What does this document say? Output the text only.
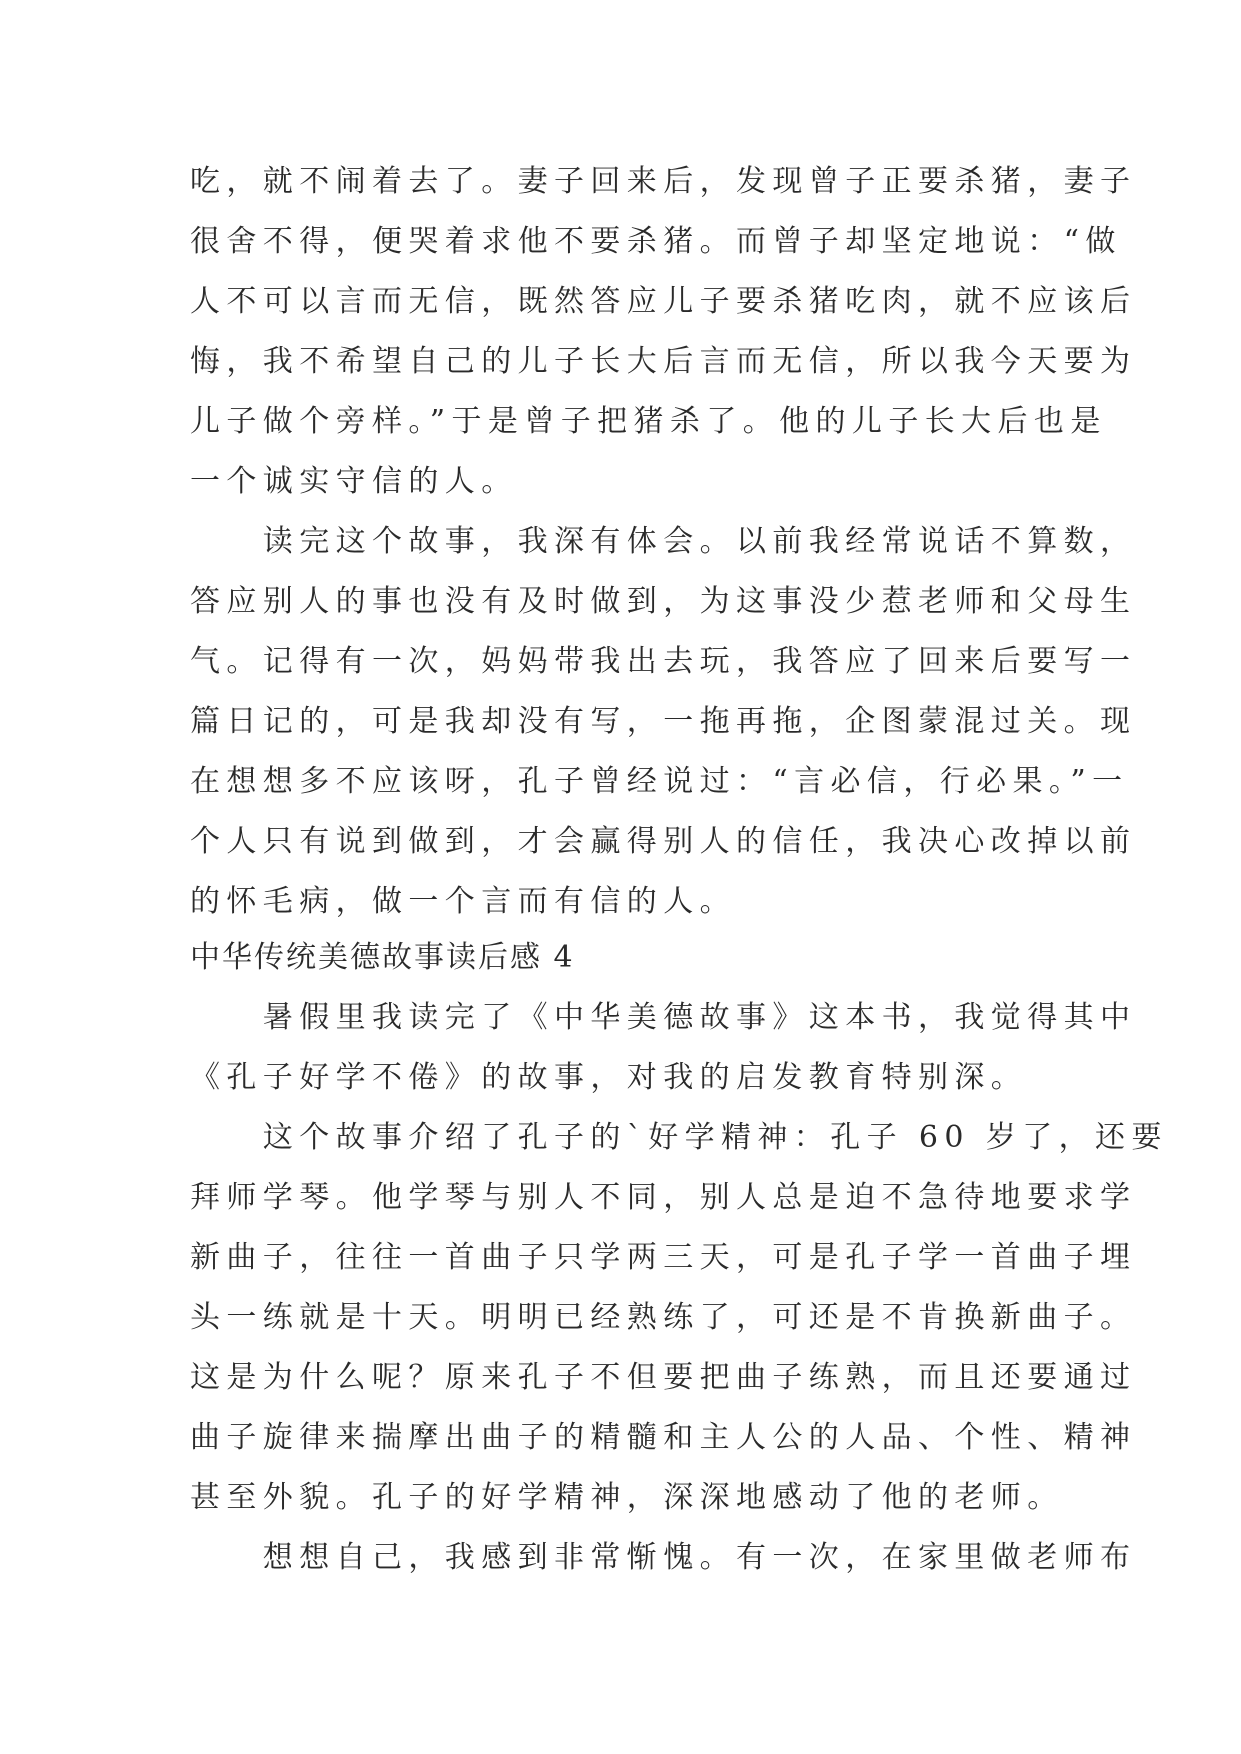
吃，就不闹着去了。妻子回来后，发现曾子正要杀猪，妻子
很舍不得，便哭着求他不要杀猪。而曾子却坚定地说：“做
人不可以言而无信，既然答应儿子要杀猪吃肉，就不应该后
悔，我不希望自己的儿子长大后言而无信，所以我今天要为
儿子做个旁样。”于是曾子把猪杀了。他的儿子长大后也是
一个诚实守信的人。
　　读完这个故事，我深有体会。以前我经常说话不算数，
答应别人的事也没有及时做到，为这事没少惹老师和父母生
气。记得有一次，妈妈带我出去玩，我答应了回来后要写一
篇日记的，可是我却没有写，一拖再拖，企图蒙混过关。现
在想想多不应该呀，孔子曾经说过：“言必信，行必果。”一
个人只有说到做到，才会赢得别人的信任，我决心改掉以前
的怀毛病，做一个言而有信的人。
中华传统美德故事读后感 4
　　暑假里我读完了《中华美德故事》这本书，我觉得其中
《孔子好学不倦》的故事，对我的启发教育特别深。
　　这个故事介绍了孔子的`好学精神：孔子 60 岁了，还要
拜师学琴。他学琴与别人不同，别人总是迫不急待地要求学
新曲子，往往一首曲子只学两三天，可是孔子学一首曲子埋
头一练就是十天。明明已经熟练了，可还是不肯换新曲子。
这是为什么呢？原来孔子不但要把曲子练熟，而且还要通过
曲子旋律来揣摩出曲子的精髓和主人公的人品、个性、精神
甚至外貌。孔子的好学精神，深深地感动了他的老师。
　　想想自己，我感到非常惭愧。有一次，在家里做老师布
